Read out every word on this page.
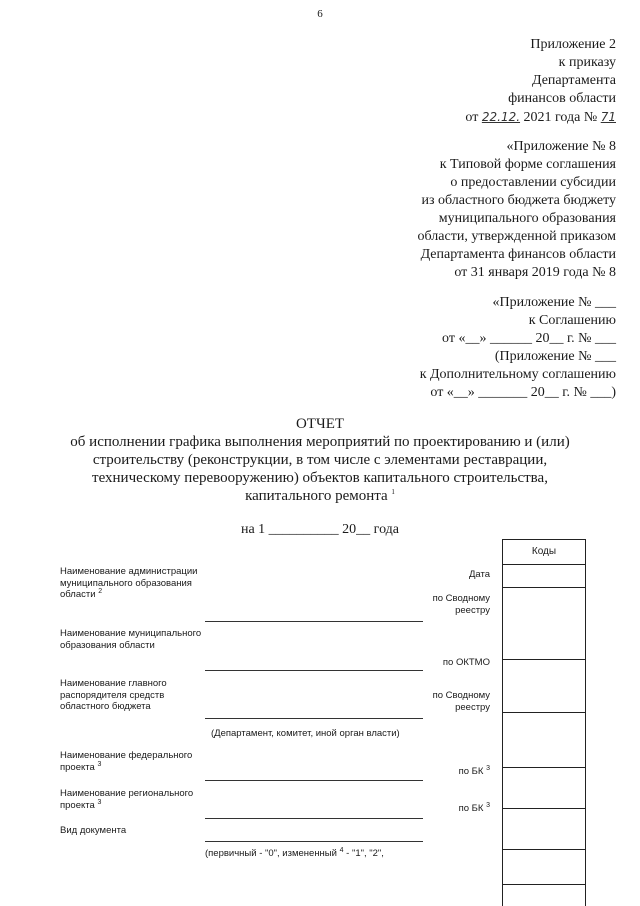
6
Приложение 2
к приказу
Департамента
финансов области
от 22.12. 2021 года № 71
«Приложение № 8
к Типовой форме соглашения
о предоставлении субсидии
из областного бюджета бюджету
муниципального образования
области, утвержденной приказом
Департамента финансов области
от 31 января 2019 года № 8
«Приложение № ___
к Соглашению
от «__» ______ 20__ г. № ___
(Приложение № ___
к Дополнительному соглашению
от «__» _______ 20__ г. № ___)
ОТЧЕТ
об исполнении графика выполнения мероприятий по проектированию и (или)
строительству (реконструкции, в том числе с элементами реставрации,
техническому перевооружению) объектов капитального строительства,
капитального ремонта $^1$
на 1 __________ 20__ года
Коды
Наименование администрации муниципального образования области $^2$
Наименование муниципального образования области
Наименование главного распорядителя средств областного бюджета
(Департамент, комитет, иной орган власти)
Наименование федерального проекта $^3$
Наименование регионального проекта $^3$
Вид документа
(первичный - "0", измененный $^4$ - "1", "2",
Дата
по Сводному
реестру
по ОКТМО
по Сводному
реестру
по БК $^3$
по БК $^3$
